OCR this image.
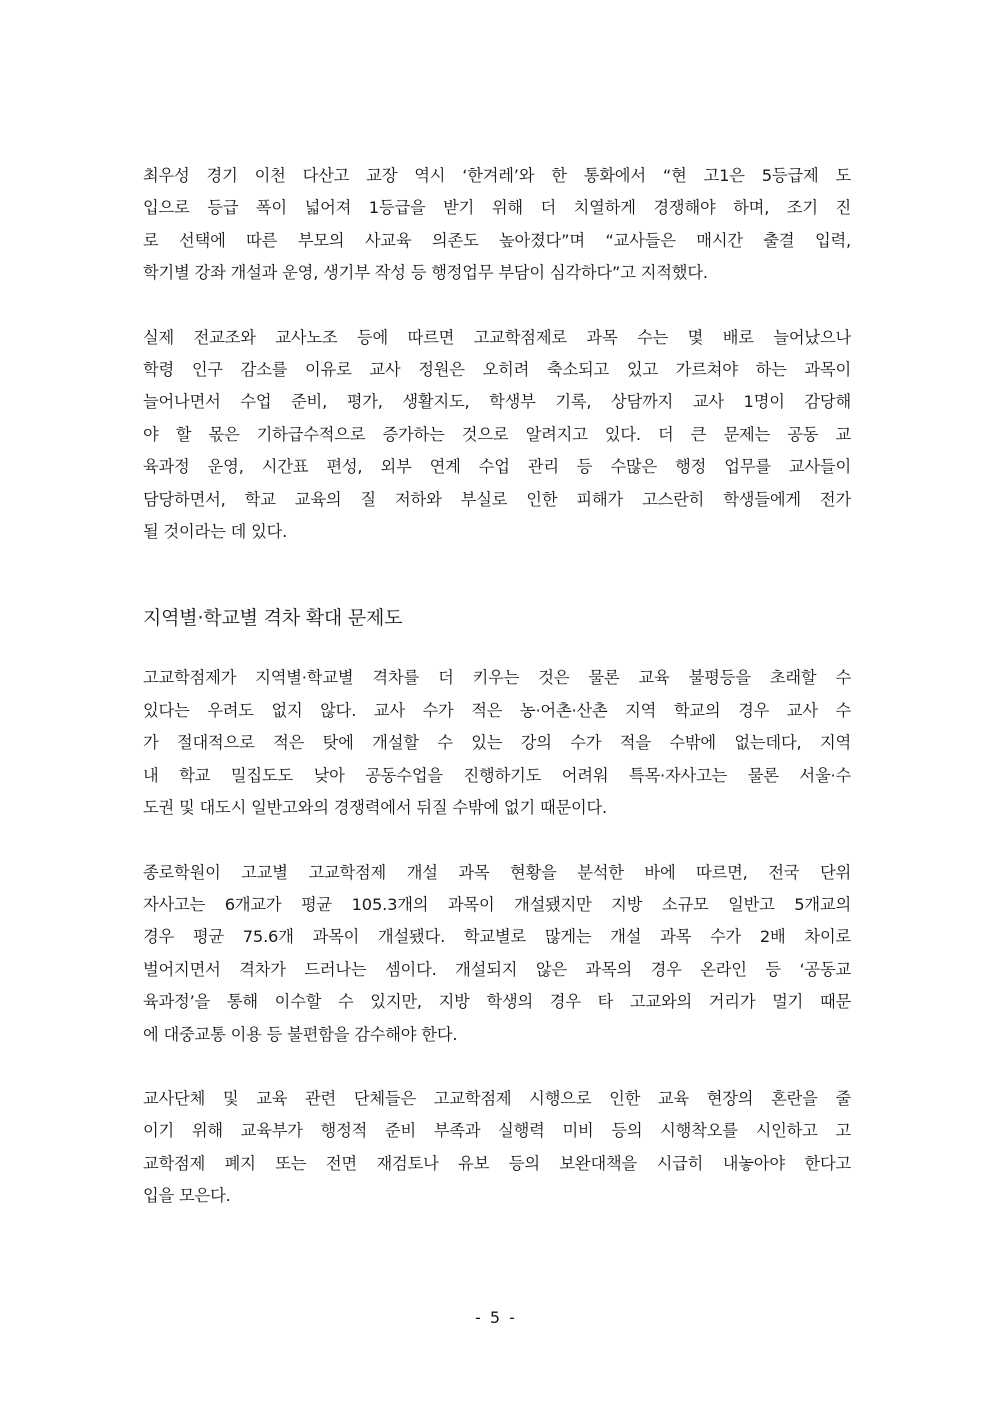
최우성 경기 이천 다산고 교장 역시 ‘한겨레’와 한 통화에서 “현 고1은 5등급제 도
입으로 등급 폭이 넓어져 1등급을 받기 위해 더 치열하게 경쟁해야 하며, 조기 진
로 선택에 따른 부모의 사교육 의존도 높아졌다”며 “교사들은 매시간 출결 입력,
학기별 강좌 개설과 운영, 생기부 작성 등 행정업무 부담이 심각하다”고 지적했다.
실제 전교조와 교사노조 등에 따르면 고교학점제로 과목 수는 몇 배로 늘어났으나
학령 인구 감소를 이유로 교사 정원은 오히려 축소되고 있고 가르쳐야 하는 과목이
늘어나면서 수업 준비, 평가, 생활지도, 학생부 기록, 상담까지 교사 1명이 감당해
야 할 몫은 기하급수적으로 증가하는 것으로 알려지고 있다. 더 큰 문제는 공동 교
육과정 운영, 시간표 편성, 외부 연계 수업 관리 등 수많은 행정 업무를 교사들이
담당하면서, 학교 교육의 질 저하와 부실로 인한 피해가 고스란히 학생들에게 전가
될 것이라는 데 있다.
지역별·학교별 격차 확대 문제도
고교학점제가 지역별·학교별 격차를 더 키우는 것은 물론 교육 불평등을 초래할 수
있다는 우려도 없지 않다. 교사 수가 적은 농·어촌·산촌 지역 학교의 경우 교사 수
가 절대적으로 적은 탓에 개설할 수 있는 강의 수가 적을 수밖에 없는데다, 지역
내 학교 밀집도도 낮아 공동수업을 진행하기도 어려워 특목·자사고는 물론 서울·수
도권 및 대도시 일반고와의 경쟁력에서 뒤질 수밖에 없기 때문이다.
종로학원이 고교별 고교학점제 개설 과목 현황을 분석한 바에 따르면, 전국 단위
자사고는 6개교가 평균 105.3개의 과목이 개설됐지만 지방 소규모 일반고 5개교의
경우 평균 75.6개 과목이 개설됐다. 학교별로 많게는 개설 과목 수가 2배 차이로
벌어지면서 격차가 드러나는 셈이다. 개설되지 않은 과목의 경우 온라인 등 ‘공동교
육과정’을 통해 이수할 수 있지만, 지방 학생의 경우 타 고교와의 거리가 멀기 때문
에 대중교통 이용 등 불편함을 감수해야 한다.
교사단체 및 교육 관련 단체들은 고교학점제 시행으로 인한 교육 현장의 혼란을 줄
이기 위해 교육부가 행정적 준비 부족과 실행력 미비 등의 시행착오를 시인하고 고
교학점제 폐지 또는 전면 재검토나 유보 등의 보완대책을 시급히 내놓아야 한다고
입을 모은다.
- 5 -
